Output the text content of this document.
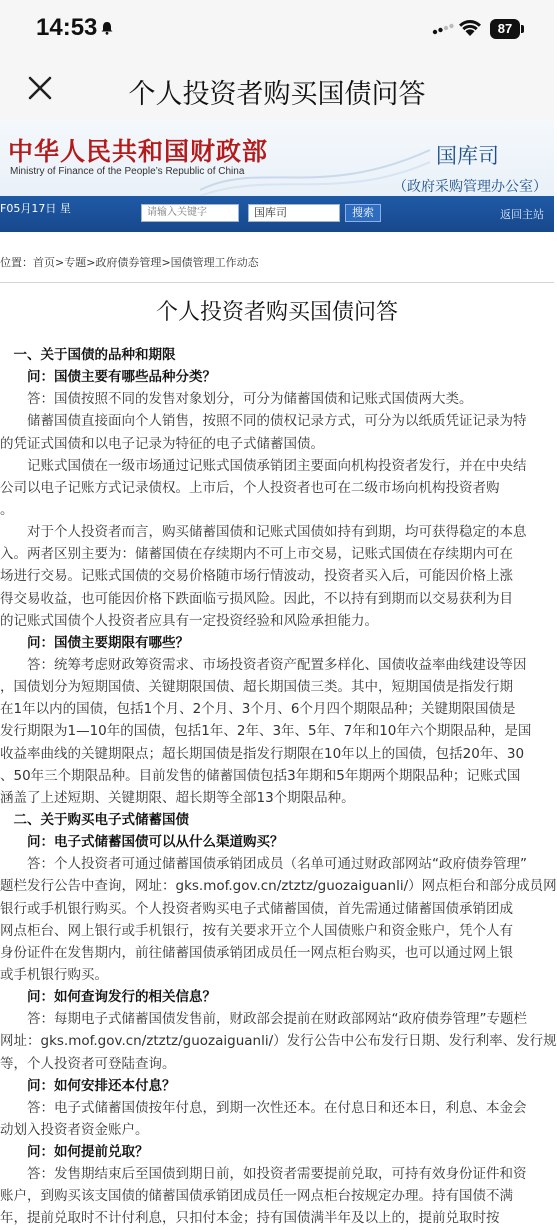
14:53	87
个人投资者购买国债问答
中华人民共和国财政部
Ministry of Finance of the People’s Republic of China
国库司
（政府采购管理办公室）
F05月17日 星	请输入关键字	国库司	搜索	返回主站
位置：首页>专题>政府债券管理>国债管理工作动态
个人投资者购买国债问答
　一、关于国债的品种和期限
　　问：国债主要有哪些品种分类？
　　答：国债按照不同的发售对象划分，可分为储蓄国债和记账式国债两大类。
　　储蓄国债直接面向个人销售，按照不同的债权记录方式，可分为以纸质凭证记录为特
的凭证式国债和以电子记录为特征的电子式储蓄国债。
　　记账式国债在一级市场通过记账式国债承销团主要面向机构投资者发行，并在中央结
公司以电子记账方式记录债权。上市后，个人投资者也可在二级市场向机构投资者购
。
　　对于个人投资者而言，购买储蓄国债和记账式国债如持有到期，均可获得稳定的本息
入。两者区别主要为：储蓄国债在存续期内不可上市交易，记账式国债在存续期内可在
场进行交易。记账式国债的交易价格随市场行情波动，投资者买入后，可能因价格上涨
得交易收益，也可能因价格下跌面临亏损风险。因此，不以持有到期而以交易获利为目
的记账式国债个人投资者应具有一定投资经验和风险承担能力。
　　问：国债主要期限有哪些？
　　答：统筹考虑财政筹资需求、市场投资者资产配置多样化、国债收益率曲线建设等因
，国债划分为短期国债、关键期限国债、超长期国债三类。其中，短期国债是指发行期
在1年以内的国债，包括1个月、2个月、3个月、6个月四个期限品种；关键期限国债是
发行期限为1—10年的国债，包括1年、2年、3年、5年、7年和10年六个期限品种，是国
收益率曲线的关键期限点；超长期国债是指发行期限在10年以上的国债，包括20年、30
、50年三个期限品种。目前发售的储蓄国债包括3年期和5年期两个期限品种；记账式国
涵盖了上述短期、关键期限、超长期等全部13个期限品种。
　二、关于购买电子式储蓄国债
　　问：电子式储蓄国债可以从什么渠道购买？
　　答：个人投资者可通过储蓄国债承销团成员（名单可通过财政部网站“政府债券管理”
题栏发行公告中查询，网址：gks.mof.gov.cn/ztztz/guozaiguanli/）网点柜台和部分成员网
银行或手机银行购买。个人投资者购买电子式储蓄国债，首先需通过储蓄国债承销团成
网点柜台、网上银行或手机银行，按有关要求开立个人国债账户和资金账户，凭个人有
身份证件在发售期内，前往储蓄国债承销团成员任一网点柜台购买，也可以通过网上银
或手机银行购买。
　　问：如何查询发行的相关信息？
　　答：每期电子式储蓄国债发售前，财政部会提前在财政部网站“政府债券管理”专题栏
网址：gks.mof.gov.cn/ztztz/guozaiguanli/）发行公告中公布发行日期、发行利率、发行规
等，个人投资者可登陆查询。
　　问：如何安排还本付息？
　　答：电子式储蓄国债按年付息，到期一次性还本。在付息日和还本日，利息、本金会
动划入投资者资金账户。
　　问：如何提前兑取？
　　答：发售期结束后至国债到期日前，如投资者需要提前兑取，可持有效身份证件和资
账户，到购买该支国债的储蓄国债承销团成员任一网点柜台按规定办理。持有国债不满
年，提前兑取时不计付利息，只扣付本金；持有国债满半年及以上的，提前兑取时按
